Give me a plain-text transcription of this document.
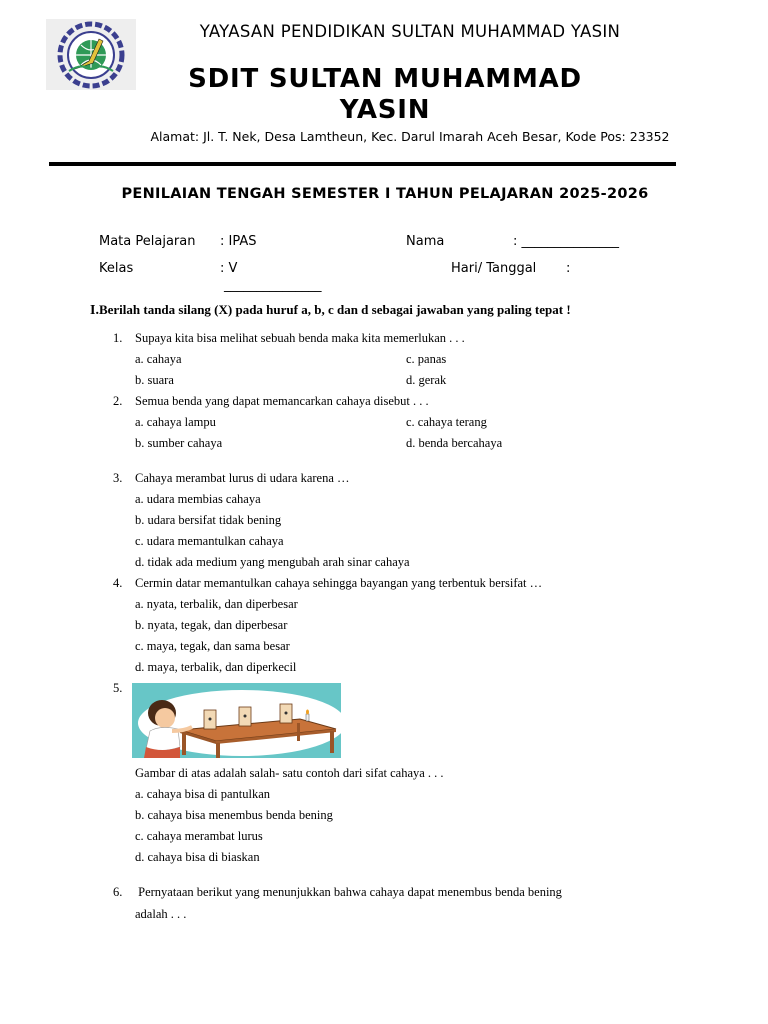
YAYASAN PENDIDIKAN SULTAN MUHAMMAD YASIN
SDIT SULTAN MUHAMMAD YASIN
Alamat: Jl. T. Nek, Desa Lamtheun, Kec. Darul Imarah Aceh Besar, Kode Pos: 23352
PENILAIAN TENGAH SEMESTER I TAHUN PELAJARAN 2025-2026
Mata Pelajaran : IPAS	Nama	: _______________
Kelas	: V	Hari/ Tanggal :
_______________
I.Berilah tanda silang (X) pada huruf a, b, c dan d sebagai jawaban yang paling tepat !
1. Supaya kita bisa melihat sebuah benda maka kita memerlukan . . .
a. cahaya	c. panas
b. suara	d. gerak
2. Semua benda yang dapat memancarkan cahaya disebut . . .
a. cahaya lampu	c. cahaya terang
b. sumber cahaya	d. benda bercahaya
3. Cahaya merambat lurus di udara karena …
a. udara membias cahaya
b. udara bersifat tidak bening
c. udara memantulkan cahaya
d. tidak ada medium yang mengubah arah sinar cahaya
4. Cermin datar memantulkan cahaya sehingga bayangan yang terbentuk bersifat …
a. nyata, terbalik, dan diperbesar
b. nyata, tegak, dan diperbesar
c. maya, tegak, dan sama besar
d. maya, terbalik, dan diperkecil
5.
Gambar di atas adalah salah- satu contoh dari sifat cahaya . . .
a. cahaya bisa di pantulkan
b. cahaya bisa menembus benda bening
c. cahaya merambat lurus
d. cahaya bisa di biaskan
6. Pernyataan berikut yang menunjukkan bahwa cahaya dapat menembus benda bening
adalah . . .
